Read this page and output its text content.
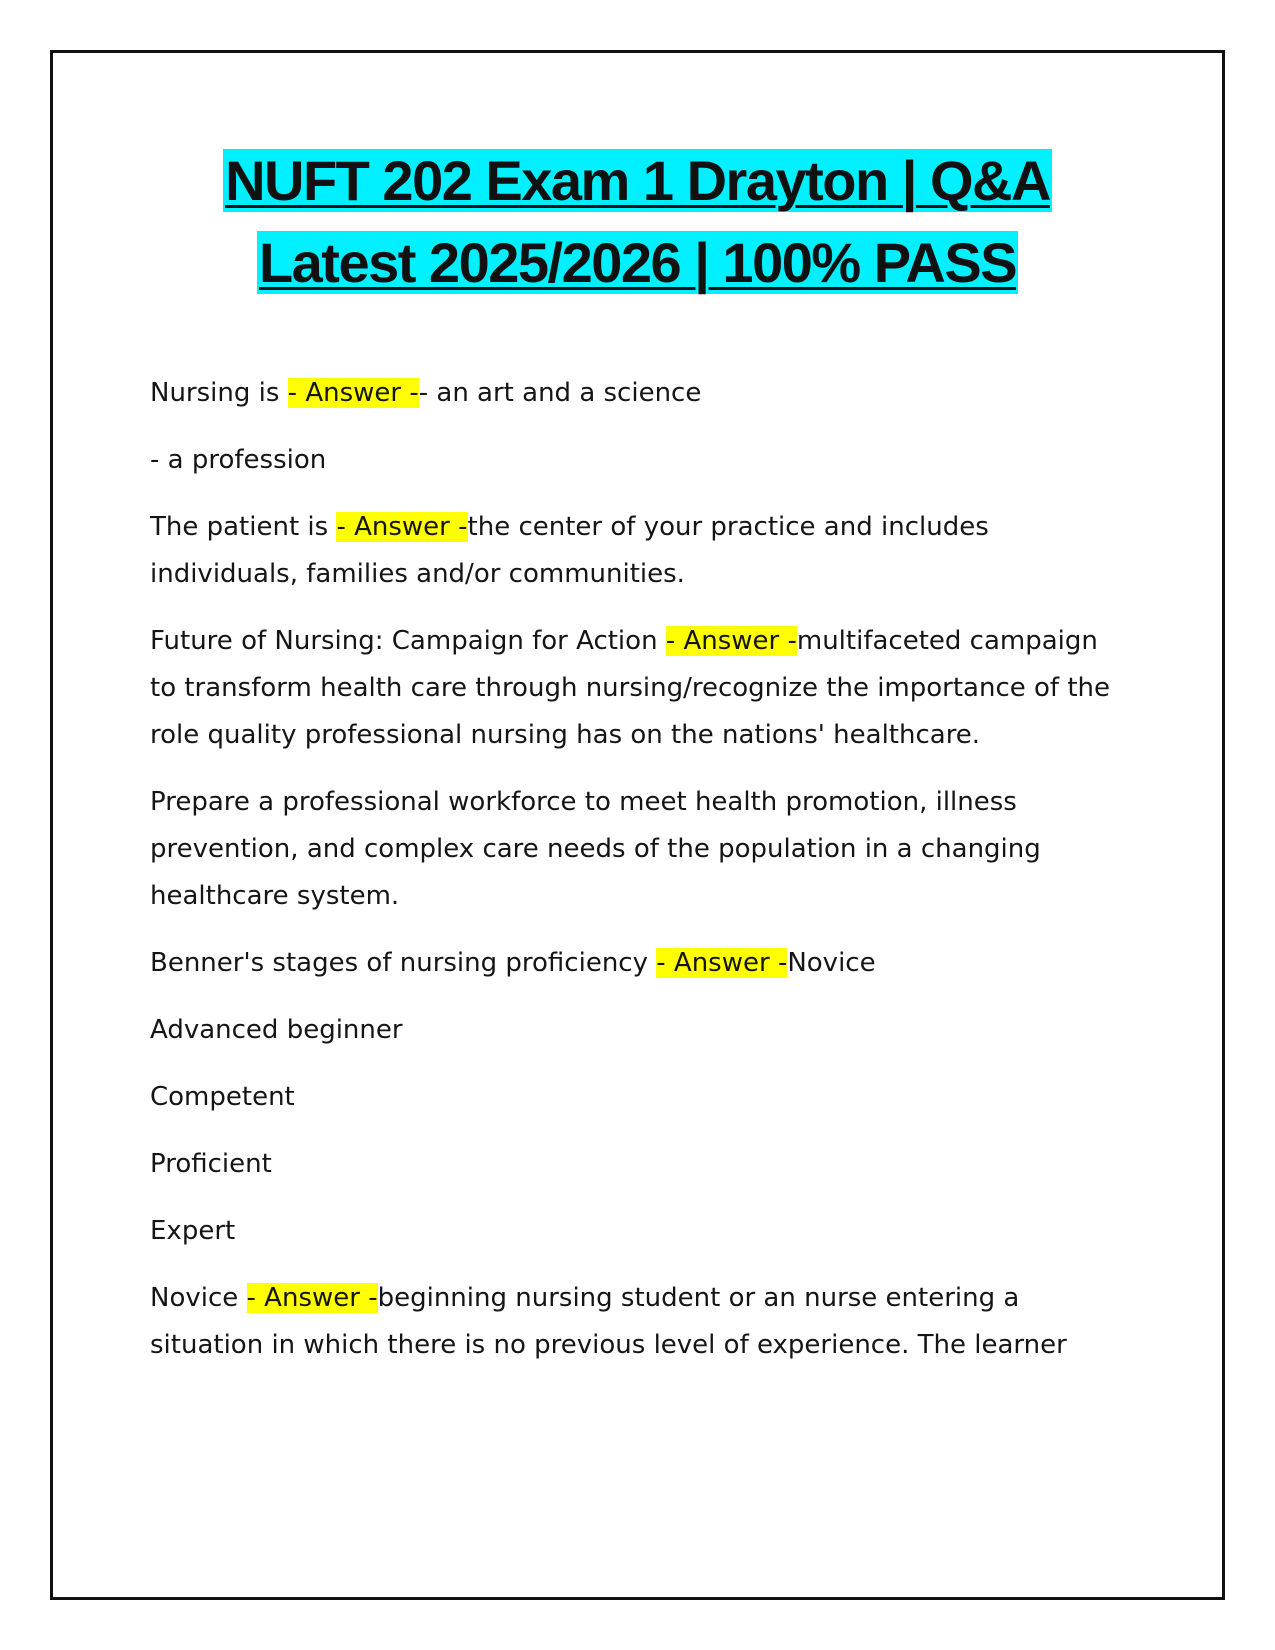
NUFT 202 Exam 1 Drayton | Q&A
Latest 2025/2026 | 100% PASS

Nursing is - Answer -- an art and a science

- a profession

The patient is - Answer -the center of your practice and includes individuals, families and/or communities.

Future of Nursing: Campaign for Action - Answer -multifaceted campaign to transform health care through nursing/recognize the importance of the role quality professional nursing has on the nations' healthcare.

Prepare a professional workforce to meet health promotion, illness prevention, and complex care needs of the population in a changing healthcare system.

Benner's stages of nursing proficiency - Answer -Novice

Advanced beginner

Competent

Proficient

Expert

Novice - Answer -beginning nursing student or an nurse entering a situation in which there is no previous level of experience. The learner
